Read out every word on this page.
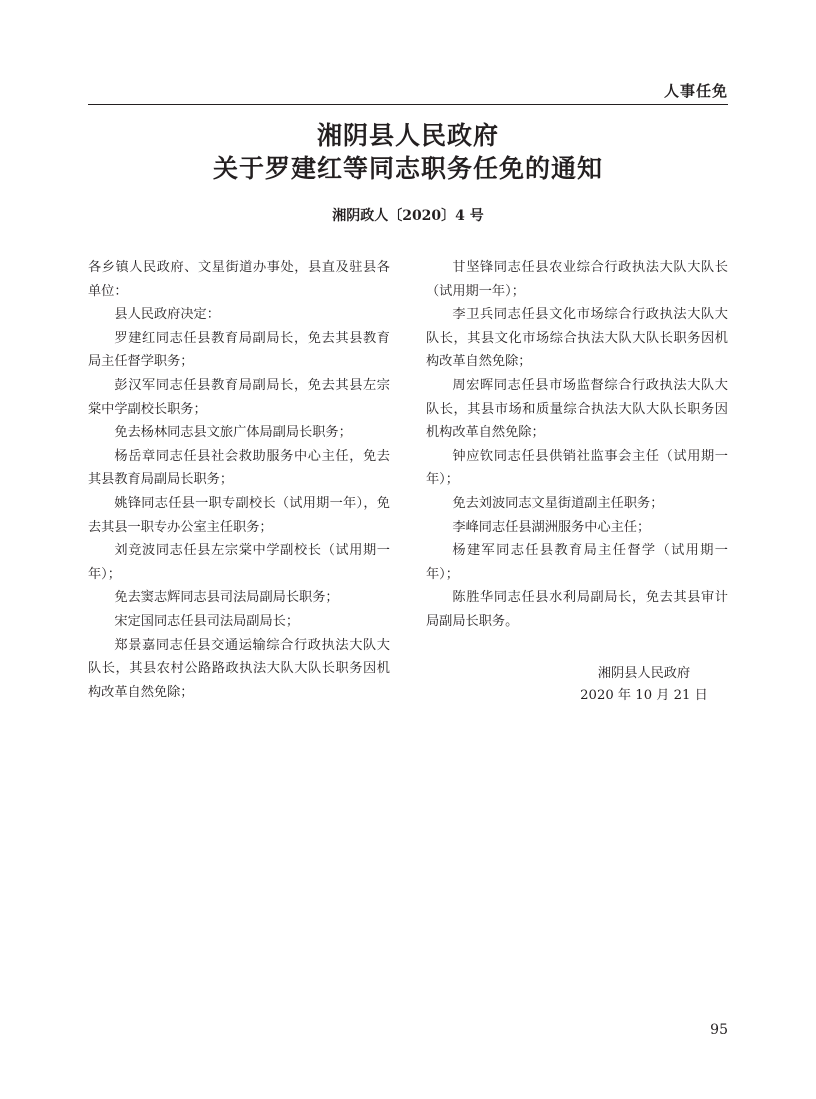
人事任免
湘阴县人民政府
关于罗建红等同志职务任免的通知
湘阴政人〔2020〕4 号

各乡镇人民政府、文星街道办事处，县直及驻县各单位：

县人民政府决定：

罗建红同志任县教育局副局长，免去其县教育局主任督学职务；

彭汉军同志任县教育局副局长，免去其县左宗棠中学副校长职务；

免去杨林同志县文旅广体局副局长职务；

杨岳章同志任县社会救助服务中心主任，免去其县教育局副局长职务；

姚锋同志任县一职专副校长（试用期一年），免去其县一职专办公室主任职务；

刘竞波同志任县左宗棠中学副校长（试用期一年）；

免去窦志辉同志县司法局副局长职务；

宋定国同志任县司法局副局长；

郑景嘉同志任县交通运输综合行政执法大队大队长，其县农村公路路政执法大队大队长职务因机构改革自然免除；

甘坚锋同志任县农业综合行政执法大队大队长（试用期一年）；

李卫兵同志任县文化市场综合行政执法大队大队长，其县文化市场综合执法大队大队长职务因机构改革自然免除；

周宏晖同志任县市场监督综合行政执法大队大队长，其县市场和质量综合执法大队大队长职务因机构改革自然免除；

钟应钦同志任县供销社监事会主任（试用期一年）；

免去刘波同志文星街道副主任职务；

李峰同志任县湖洲服务中心主任；

杨建军同志任县教育局主任督学（试用期一年）；

陈胜华同志任县水利局副局长，免去其县审计局副局长职务。

湘阴县人民政府
2020 年 10 月 21 日
95
